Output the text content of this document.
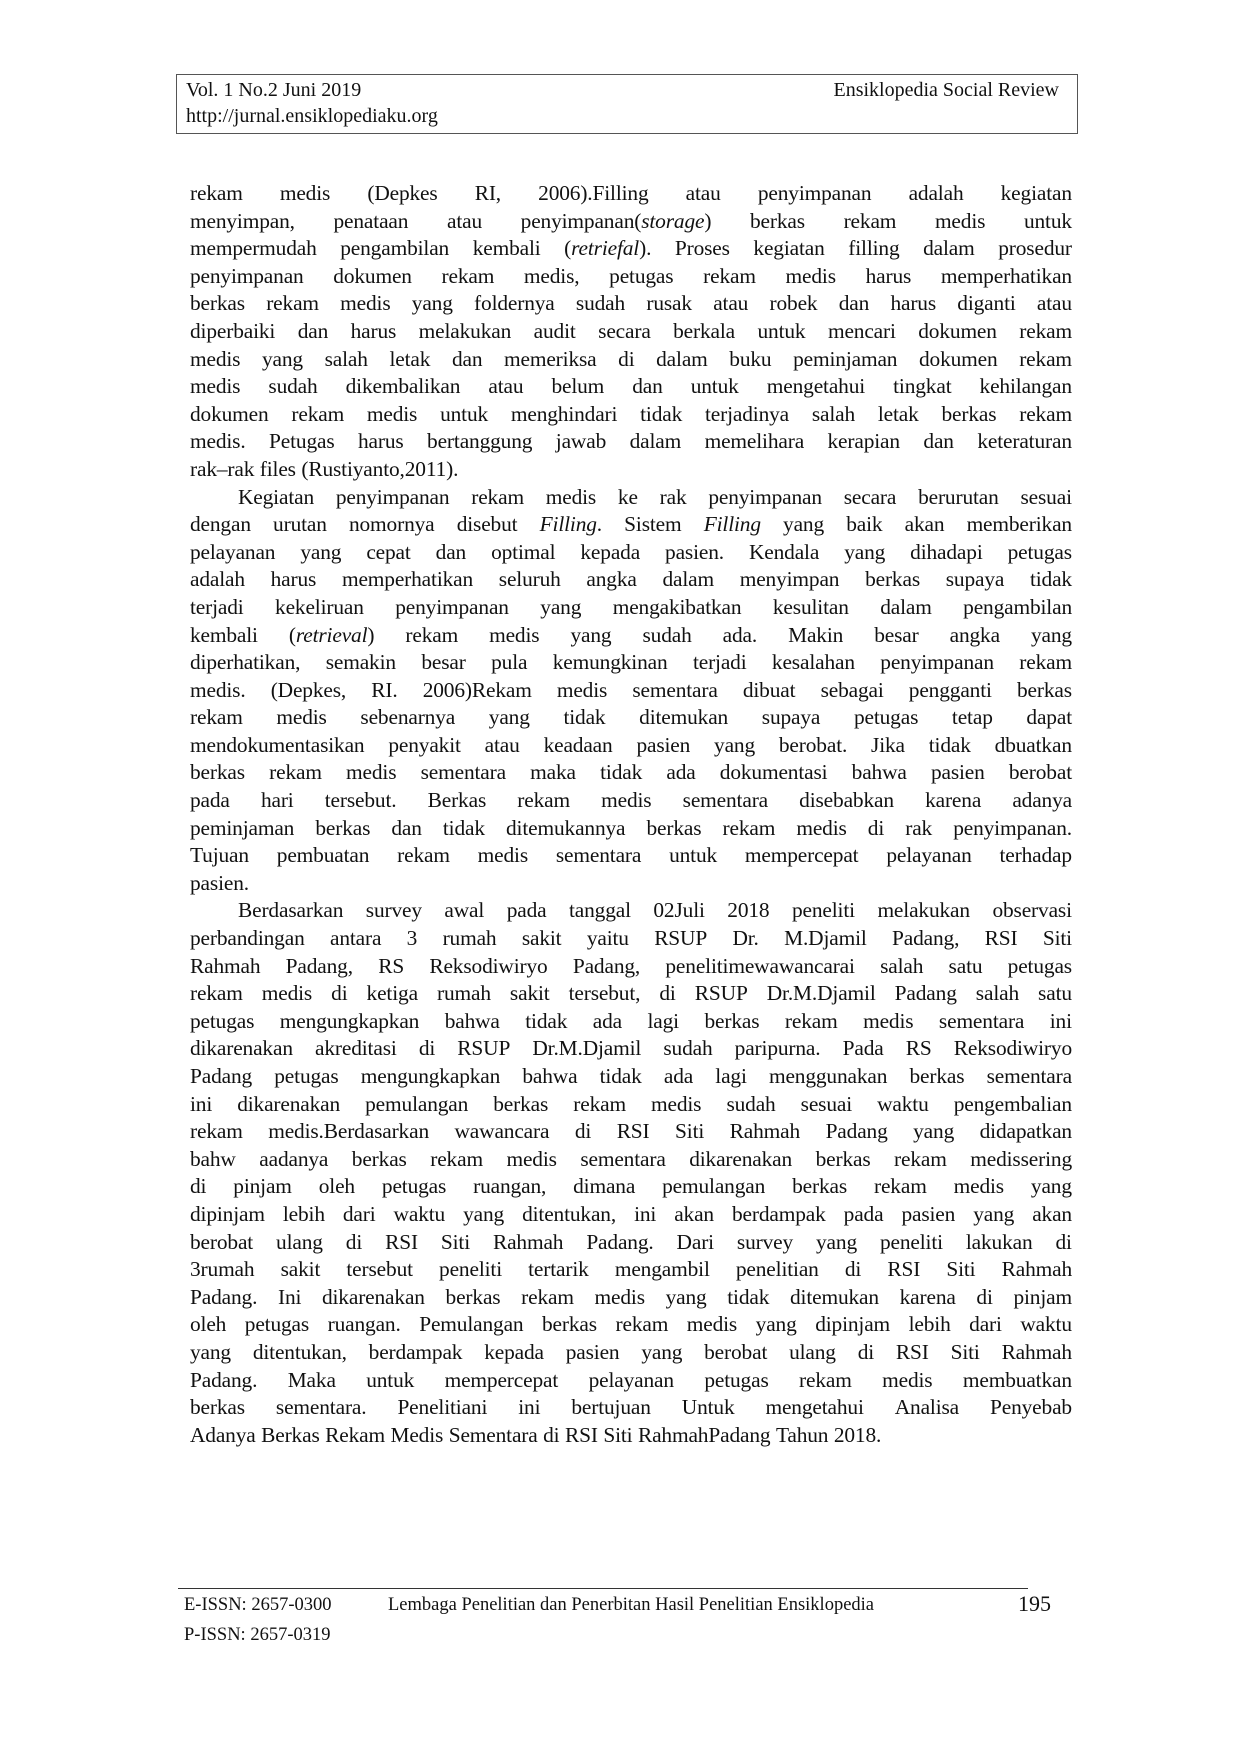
Vol. 1 No.2 Juni 2019	Ensiklopedia Social Review
http://jurnal.ensiklopediaku.org
rekam medis (Depkes RI, 2006).Filling atau penyimpanan adalah kegiatan
menyimpan, penataan atau penyimpanan(storage) berkas rekam medis untuk
mempermudah pengambilan kembali (retriefal). Proses kegiatan filling dalam prosedur
penyimpanan dokumen rekam medis, petugas rekam medis harus memperhatikan
berkas rekam medis yang foldernya sudah rusak atau robek dan harus diganti atau
diperbaiki dan harus melakukan audit secara berkala untuk mencari dokumen rekam
medis yang salah letak dan memeriksa di dalam buku peminjaman dokumen rekam
medis sudah dikembalikan atau belum dan untuk mengetahui tingkat kehilangan
dokumen rekam medis untuk menghindari tidak terjadinya salah letak berkas rekam
medis. Petugas harus bertanggung jawab dalam memelihara kerapian dan keteraturan
rak–rak files (Rustiyanto,2011).
Kegiatan penyimpanan rekam medis ke rak penyimpanan secara berurutan sesuai
dengan urutan nomornya disebut Filling. Sistem Filling yang baik akan memberikan
pelayanan yang cepat dan optimal kepada pasien. Kendala yang dihadapi petugas
adalah harus memperhatikan seluruh angka dalam menyimpan berkas supaya tidak
terjadi kekeliruan penyimpanan yang mengakibatkan kesulitan dalam pengambilan
kembali (retrieval) rekam medis yang sudah ada. Makin besar angka yang
diperhatikan, semakin besar pula kemungkinan terjadi kesalahan penyimpanan rekam
medis. (Depkes, RI. 2006)Rekam medis sementara dibuat sebagai pengganti berkas
rekam medis sebenarnya yang tidak ditemukan supaya petugas tetap dapat
mendokumentasikan penyakit atau keadaan pasien yang berobat. Jika tidak dbuatkan
berkas rekam medis sementara maka tidak ada dokumentasi bahwa pasien berobat
pada hari tersebut. Berkas rekam medis sementara disebabkan karena adanya
peminjaman berkas dan tidak ditemukannya berkas rekam medis di rak penyimpanan.
Tujuan pembuatan rekam medis sementara untuk mempercepat pelayanan terhadap
pasien.
Berdasarkan survey awal pada tanggal 02Juli 2018 peneliti melakukan observasi
perbandingan antara 3 rumah sakit yaitu RSUP Dr. M.Djamil Padang, RSI Siti
Rahmah Padang, RS Reksodiwiryo Padang, penelitimewawancarai salah satu petugas
rekam medis di ketiga rumah sakit tersebut, di RSUP Dr.M.Djamil Padang salah satu
petugas mengungkapkan bahwa tidak ada lagi berkas rekam medis sementara ini
dikarenakan akreditasi di RSUP Dr.M.Djamil sudah paripurna. Pada RS Reksodiwiryo
Padang petugas mengungkapkan bahwa tidak ada lagi menggunakan berkas sementara
ini dikarenakan pemulangan berkas rekam medis sudah sesuai waktu pengembalian
rekam medis.Berdasarkan wawancara di RSI Siti Rahmah Padang yang didapatkan
bahw aadanya berkas rekam medis sementara dikarenakan berkas rekam medissering
di pinjam oleh petugas ruangan, dimana pemulangan berkas rekam medis yang
dipinjam lebih dari waktu yang ditentukan, ini akan berdampak pada pasien yang akan
berobat ulang di RSI Siti Rahmah Padang. Dari survey yang peneliti lakukan di
3rumah sakit tersebut peneliti tertarik mengambil penelitian di RSI Siti Rahmah
Padang. Ini dikarenakan berkas rekam medis yang tidak ditemukan karena di pinjam
oleh petugas ruangan. Pemulangan berkas rekam medis yang dipinjam lebih dari waktu
yang ditentukan, berdampak kepada pasien yang berobat ulang di RSI Siti Rahmah
Padang. Maka untuk mempercepat pelayanan petugas rekam medis membuatkan
berkas sementara. Penelitiani ini bertujuan Untuk mengetahui Analisa Penyebab
Adanya Berkas Rekam Medis Sementara di RSI Siti RahmahPadang Tahun 2018.
E-ISSN: 2657-0300	Lembaga Penelitian dan Penerbitan Hasil Penelitian Ensiklopedia	195
P-ISSN: 2657-0319
